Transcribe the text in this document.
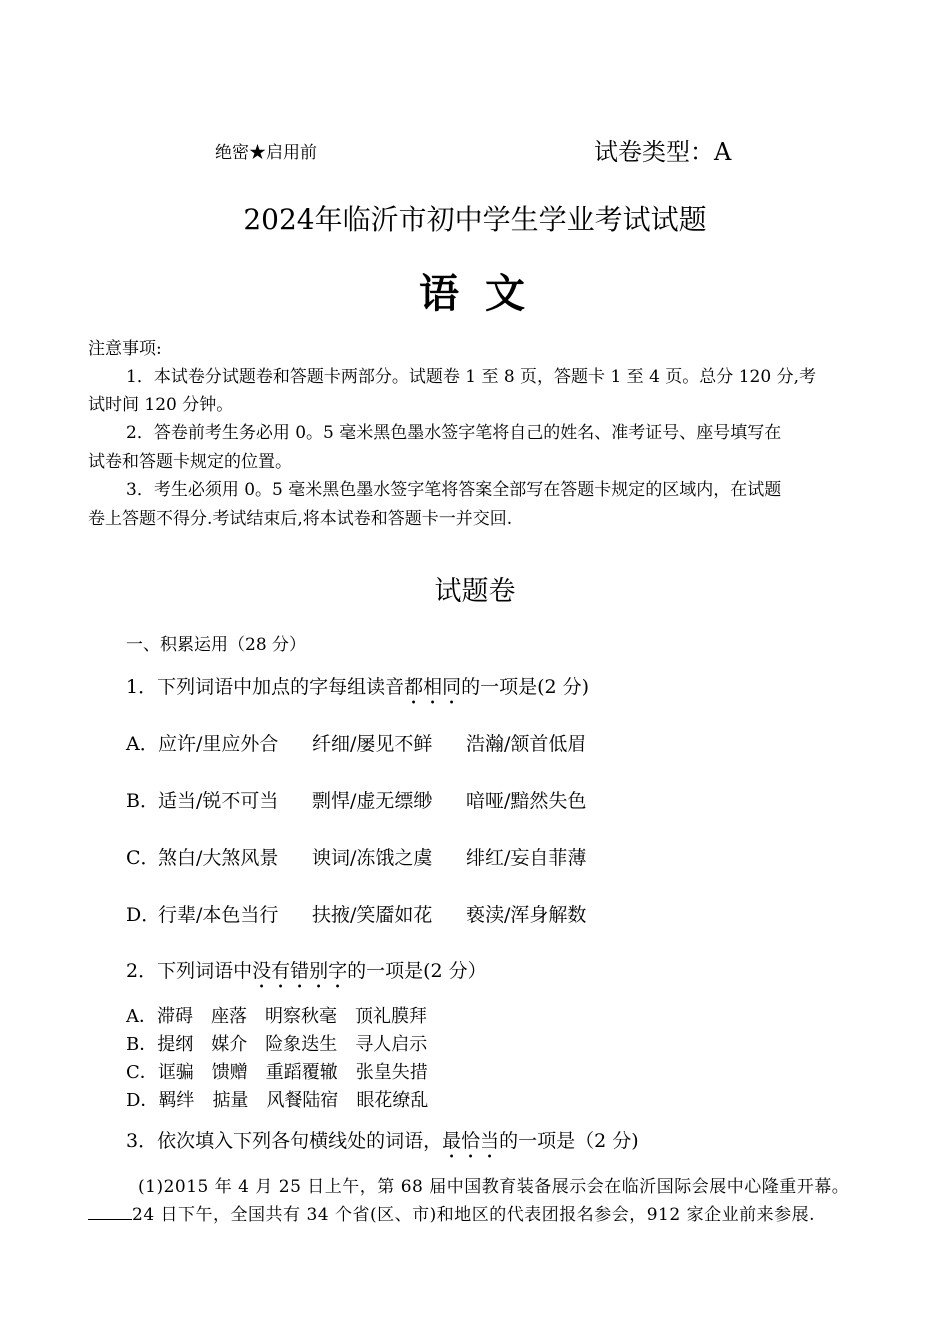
绝密★启用前	试卷类型：A
2024年临沂市初中学生学业考试试题
语 文
注意事项:
1．本试卷分试题卷和答题卡两部分。试题卷 1 至 8 页，答题卡 1 至 4 页。总分 120 分,考
试时间 120 分钟。
2．答卷前考生务必用 0。5 毫米黑色墨水签字笔将自己的姓名、准考证号、座号填写在
试卷和答题卡规定的位置。
3．考生必须用 0。5 毫米黑色墨水签字笔将答案全部写在答题卡规定的区域内，在试题
卷上答题不得分.考试结束后,将本试卷和答题卡一并交回.
试题卷
一、积累运用（28 分）
1．下列词语中加点的字每组读音都相同的一项是(2 分)
A． 应许/里应外合 纤细/屡见不鲜 浩瀚/颔首低眉
B． 适当/锐不可当 剽悍/虚无缥缈 喑哑/黯然失色
C．
煞白/大煞风景 谀词/冻饿之虞 绯红/妄自菲薄
D．
行辈/本色当行 扶掖/笑靥如花 亵渎/浑身解数
2．下列词语中没有错别字的一项是(2 分）
A．滞碍 座落 明察秋毫 顶礼膜拜
B．提纲 媒介 险象迭生 寻人启示
C．诓骗 馈赠 重蹈覆辙 张皇失措
D．羁绊 掂量 风餐陆宿 眼花缭乱
3．依次填入下列各句横线处的词语，最恰当的一项是（2 分)
(1)2015 年 4 月 25 日上午，第 68 届中国教育装备展示会在临沂国际会展中心隆重开幕。
24 日下午，全国共有 34 个省(区、市)和地区的代表团报名参会，912 家企业前来参展.
